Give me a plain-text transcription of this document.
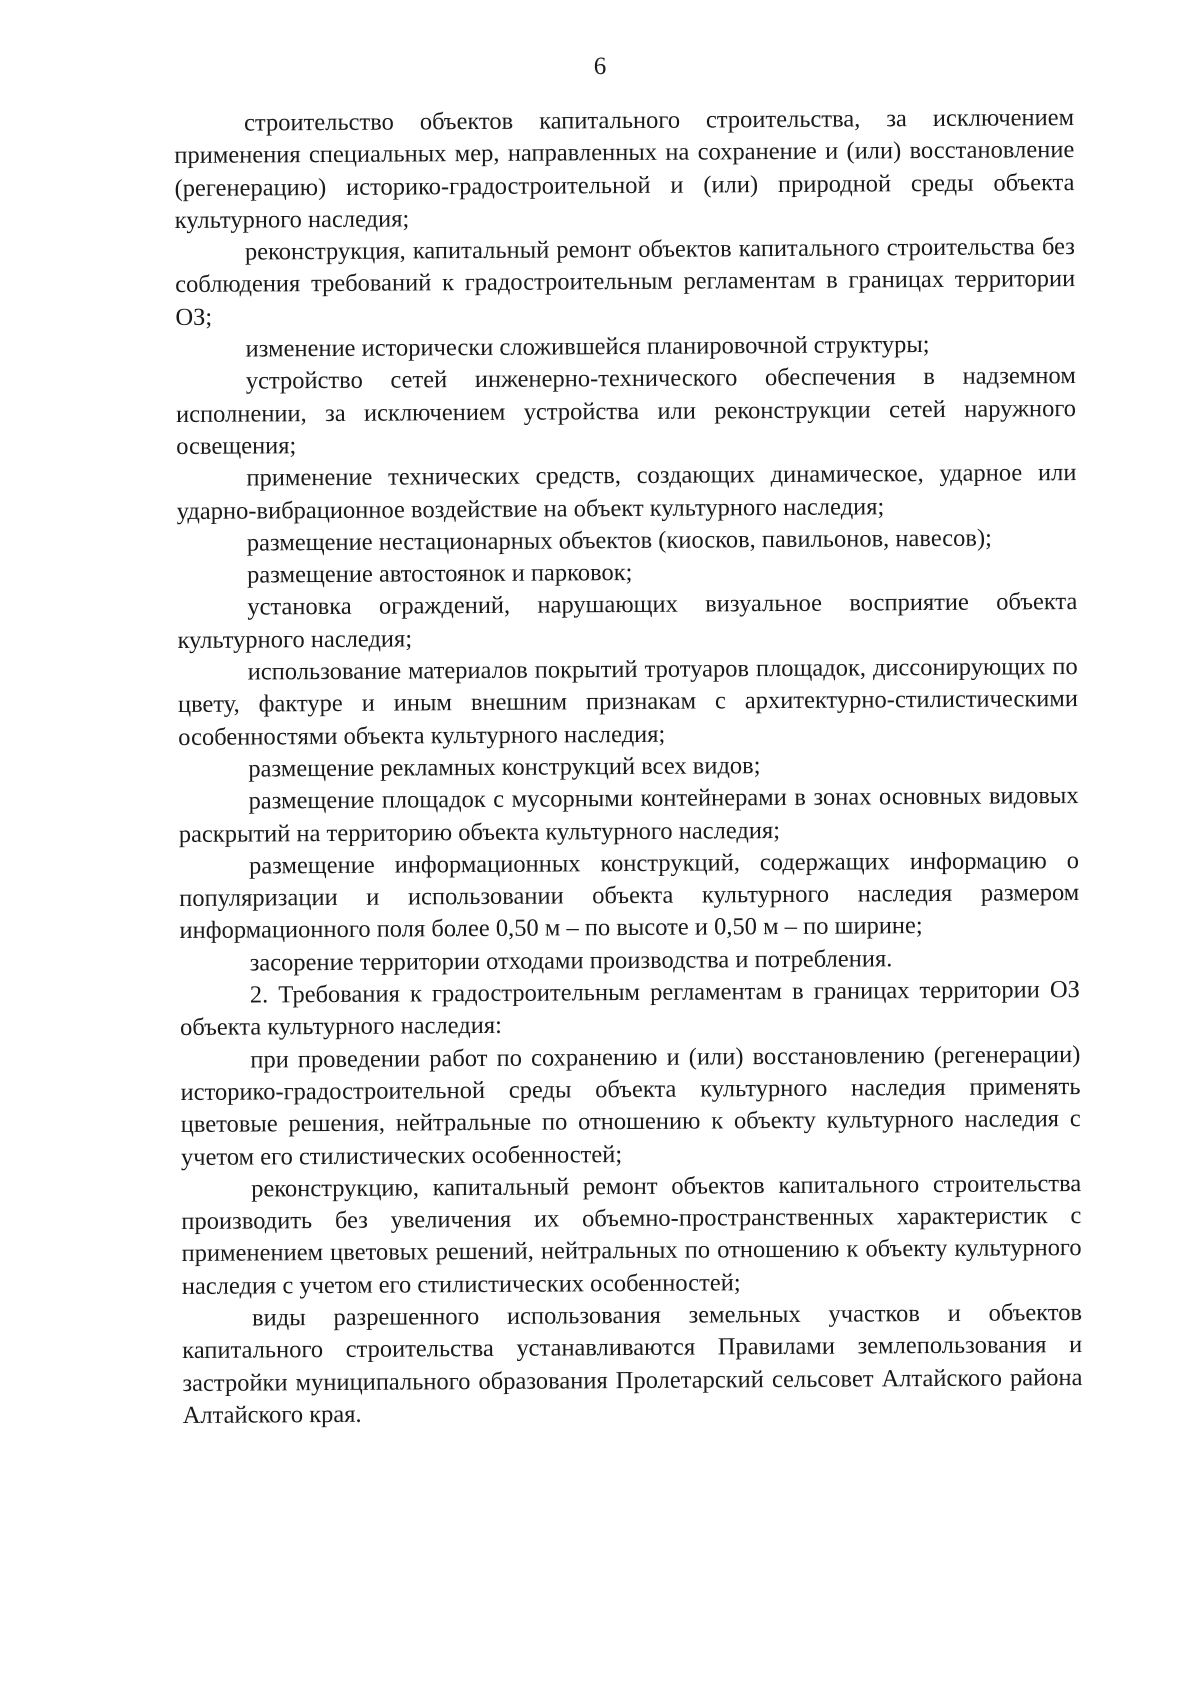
6

строительство объектов капитального строительства, за исключением применения специальных мер, направленных на сохранение и (или) восстановление (регенерацию) историко-градостроительной и (или) природной среды объекта культурного наследия;

реконструкция, капитальный ремонт объектов капитального строительства без соблюдения требований к градостроительным регламентам в границах территории ОЗ;

изменение исторически сложившейся планировочной структуры;

устройство сетей инженерно-технического обеспечения в надземном исполнении, за исключением устройства или реконструкции сетей наружного освещения;

применение технических средств, создающих динамическое, ударное или ударно-вибрационное воздействие на объект культурного наследия;

размещение нестационарных объектов (киосков, павильонов, навесов);

размещение автостоянок и парковок;

установка ограждений, нарушающих визуальное восприятие объекта культурного наследия;

использование материалов покрытий тротуаров площадок, диссонирующих по цвету, фактуре и иным внешним признакам с архитектурно-стилистическими особенностями объекта культурного наследия;

размещение рекламных конструкций всех видов;

размещение площадок с мусорными контейнерами в зонах основных видовых раскрытий на территорию объекта культурного наследия;

размещение информационных конструкций, содержащих информацию о популяризации и использовании объекта культурного наследия размером информационного поля более 0,50 м – по высоте и 0,50 м – по ширине;

засорение территории отходами производства и потребления.

2. Требования к градостроительным регламентам в границах территории ОЗ объекта культурного наследия:

при проведении работ по сохранению и (или) восстановлению (регенерации) историко-градостроительной среды объекта культурного наследия применять цветовые решения, нейтральные по отношению к объекту культурного наследия с учетом его стилистических особенностей;

реконструкцию, капитальный ремонт объектов капитального строительства производить без увеличения их объемно-пространственных характеристик с применением цветовых решений, нейтральных по отношению к объекту культурного наследия с учетом его стилистических особенностей;

виды разрешенного использования земельных участков и объектов капитального строительства устанавливаются Правилами землепользования и застройки муниципального образования Пролетарский сельсовет Алтайского района Алтайского края.
